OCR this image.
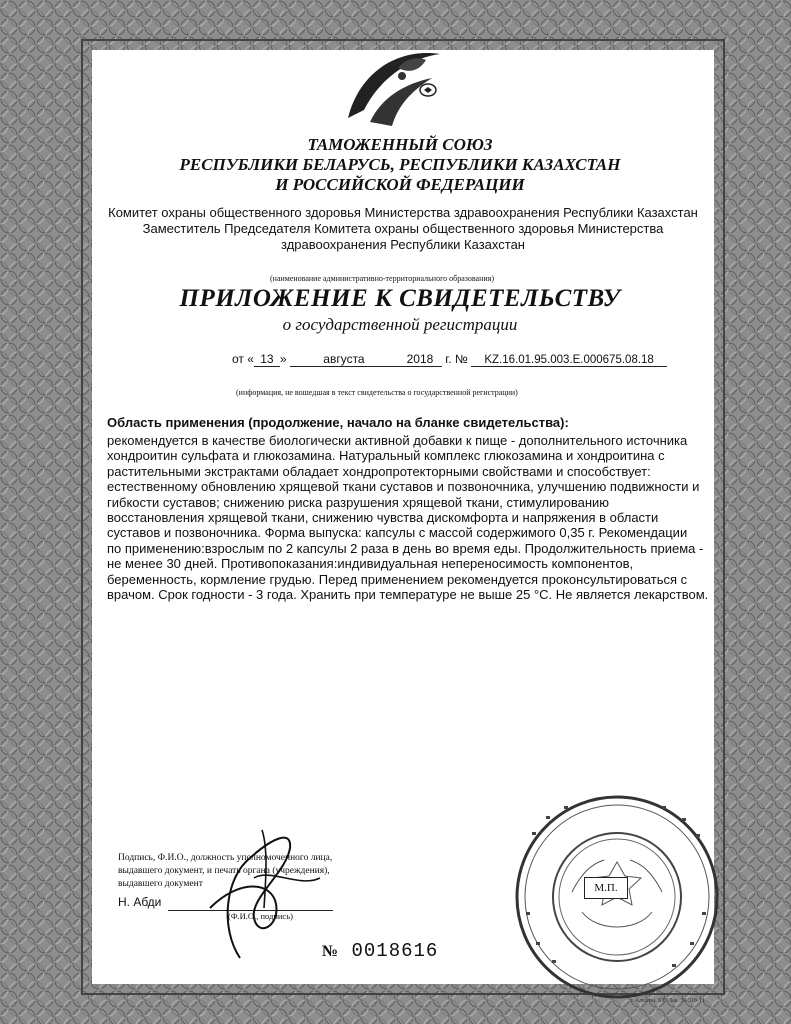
ТАМОЖЕННЫЙ СОЮЗ
РЕСПУБЛИКИ БЕЛАРУСЬ, РЕСПУБЛИКИ КАЗАХСТАН
И РОССИЙСКОЙ ФЕДЕРАЦИИ
Комитет охраны общественного здоровья Министерства здравоохранения Республики Казахстан
Заместитель Председателя Комитета охраны общественного здоровья Министерства
здравоохранения Республики Казахстан
(наименование административно-территориального образования)
ПРИЛОЖЕНИЕ К СВИДЕТЕЛЬСТВУ
о государственной регистрации
от « 13 »	августа	2018 г. № KZ.16.01.95.003.E.000675.08.18
(информация, не вошедшая в текст свидетельства о государственной регистрации)
Область применения (продолжение, начало на бланке свидетельства):
рекомендуется в качестве биологически активной добавки к пище - дополнительного источника
хондроитин сульфата и глюкозамина. Натуральный комплекс глюкозамина и хондроитина с
растительными экстрактами обладает хондропротекторными свойствами и способствует:
естественному обновлению хрящевой ткани суставов и позвоночника, улучшению подвижности и
гибкости суставов; снижению риска разрушения хрящевой ткани, стимулированию
восстановления хрящевой ткани, снижению чувства дискомфорта и напряжения в области
суставов и позвоночника. Форма выпуска: капсулы с массой содержимого 0,35 г. Рекомендации
по применению:взрослым по 2 капсулы 2 раза в день во время еды. Продолжительность приема -
не менее 30 дней. Противопоказания:индивидуальная непереносимость компонентов,
беременность, кормление грудью. Перед применением рекомендуется проконсультироваться с
врачом. Срок годности - 3 года. Хранить при температуре не выше 25 °С. Не является лекарством.
Подпись, Ф.И.О., должность уполномоченного лица,
выдавшего документ, и печать органа (учреждения),
выдавшего документ
Н. Абди
(Ф.И.О., подпись)
М.П.
№ 0018616
г. Алматы. БФ. Зак. № 318-11.
